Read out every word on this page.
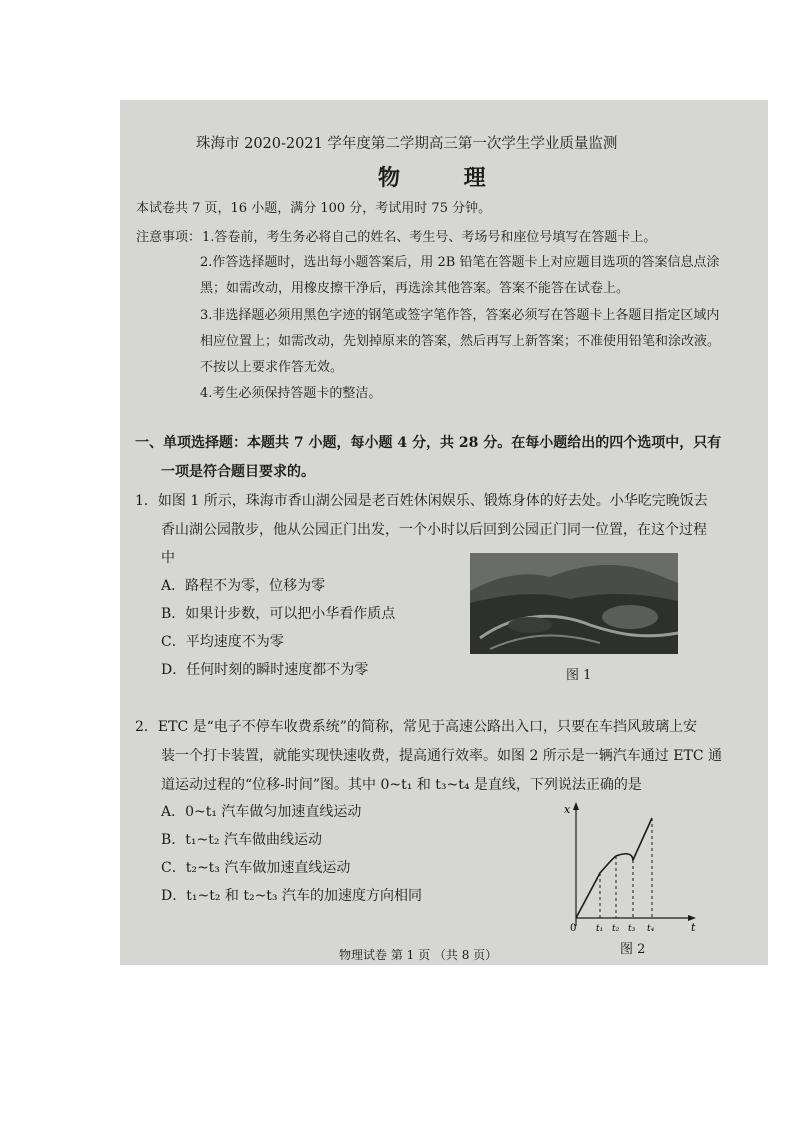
珠海市 2020-2021 学年度第二学期高三第一次学生学业质量监测
物 理
本试卷共 7 页，16 小题，满分 100 分，考试用时 75 分钟。
注意事项： 1.答卷前，考生务必将自己的姓名、考生号、考场号和座位号填写在答题卡上。
2.作答选择题时，选出每小题答案后，用 2B 铅笔在答题卡上对应题目选项的答案信息点涂
黑；如需改动，用橡皮擦干净后，再选涂其他答案。答案不能答在试卷上。
3.非选择题必须用黑色字迹的钢笔或签字笔作答，答案必须写在答题卡上各题目指定区域内
相应位置上；如需改动，先划掉原来的答案，然后再写上新答案；不准使用铅笔和涂改液。
不按以上要求作答无效。
4.考生必须保持答题卡的整洁。
一、单项选择题：本题共 7 小题，每小题 4 分，共 28 分。在每小题给出的四个选项中，只有
一项是符合题目要求的。
1．如图 1 所示，珠海市香山湖公园是老百姓休闲娱乐、锻炼身体的好去处。小华吃完晚饭去
香山湖公园散步，他从公园正门出发，一个小时以后回到公园正门同一位置，在这个过程
中
A．路程不为零，位移为零
B．如果计步数，可以把小华看作质点
C．平均速度不为零
D．任何时刻的瞬时速度都不为零	图 1
2．ETC 是“电子不停车收费系统”的简称，常见于高速公路出入口，只要在车挡风玻璃上安
装一个打卡装置，就能实现快速收费，提高通行效率。如图 2 所示是一辆汽车通过 ETC 通
道运动过程的“位移-时间”图。其中 0~t₁ 和 t₃~t₄ 是直线，下列说法正确的是
A．0~t₁ 汽车做匀加速直线运动
B．t₁~t₂ 汽车做曲线运动
C．t₂~t₃ 汽车做加速直线运动
D．t₁~t₂ 和 t₂~t₃ 汽车的加速度方向相同
x
t
0 t₁ t₂ t₃ t₄
图 2
物理试卷 第 1 页 （共 8 页）
